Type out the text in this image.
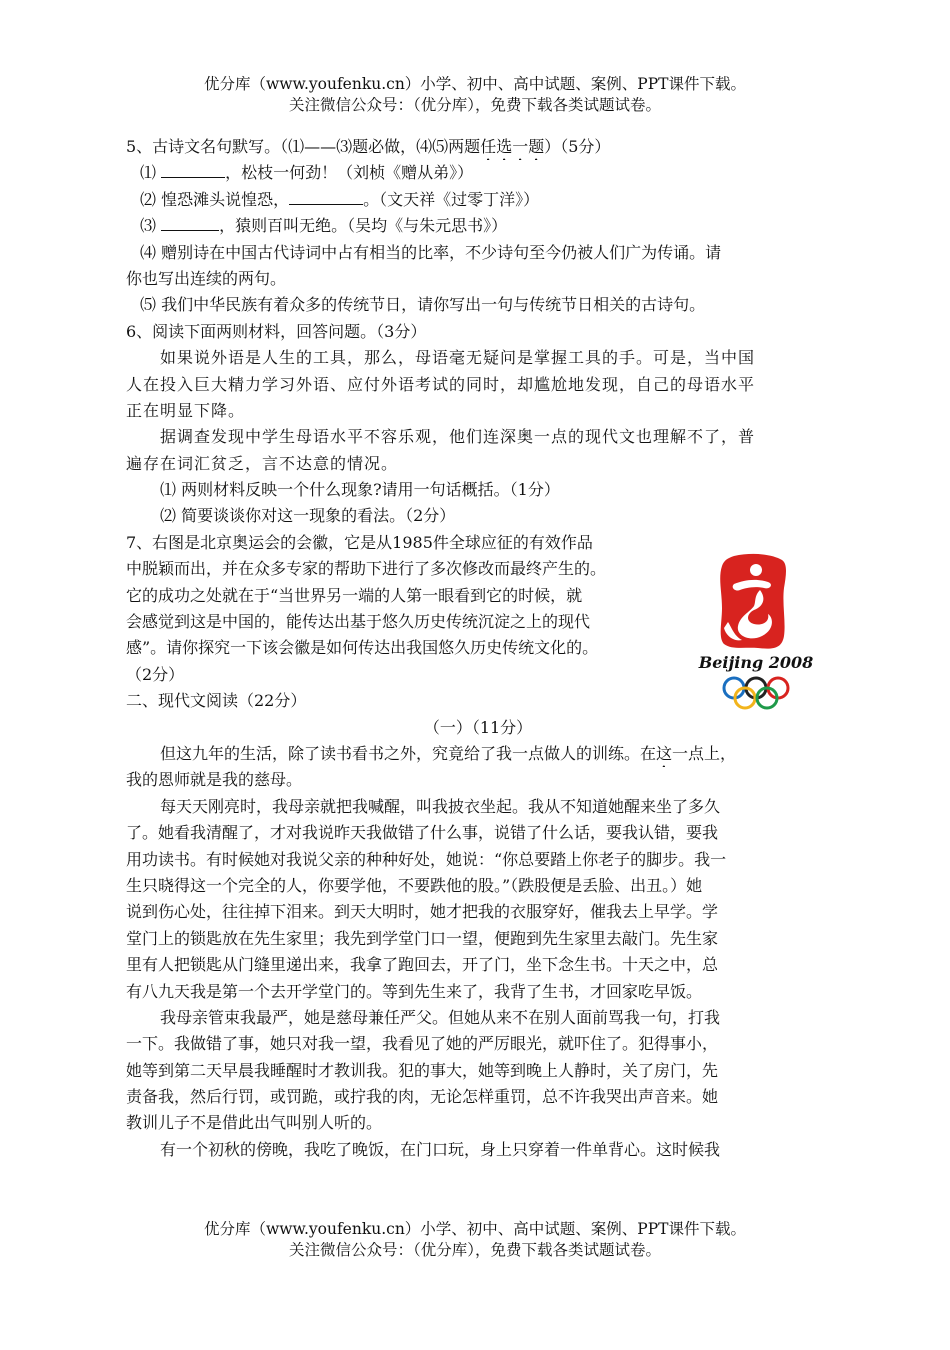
优分库（www.youfenku.cn）小学、初中、高中试题、案例、PPT课件下载。
关注微信公众号：（优分库），免费下载各类试题试卷。
5、古诗文名句默写。（⑴——⑶题必做，⑷⑸两题任选一题）（5分）
⑴	，松枝一何劲！（刘桢《赠从弟》）
⑵ 惶恐滩头说惶恐，	。（文天祥《过零丁洋》）
⑶	，猿则百叫无绝。（吴均《与朱元思书》）
⑷ 赠别诗在中国古代诗词中占有相当的比率，不少诗句至今仍被人们广为传诵。请
你也写出连续的两句。
⑸ 我们中华民族有着众多的传统节日，请你写出一句与传统节日相关的古诗句。
6、阅读下面两则材料，回答问题。（3分）
如果说外语是人生的工具，那么，母语毫无疑问是掌握工具的手。可是，当中国
人在投入巨大精力学习外语、应付外语考试的同时，却尴尬地发现，自己的母语水平
正在明显下降。
据调查发现中学生母语水平不容乐观，他们连深奥一点的现代文也理解不了，普
遍存在词汇贫乏，言不达意的情况。
⑴ 两则材料反映一个什么现象?请用一句话概括。（1分）
⑵ 简要谈谈你对这一现象的看法。（2分）
7、右图是北京奥运会的会徽，它是从1985件全球应征的有效作品
中脱颖而出，并在众多专家的帮助下进行了多次修改而最终产生的。
它的成功之处就在于“当世界另一端的人第一眼看到它的时候，就
会感觉到这是中国的，能传达出基于悠久历史传统沉淀之上的现代
感”。请你探究一下该会徽是如何传达出我国悠久历史传统文化的。
（2分）
二、现代文阅读（22分）
（一）（11分）
但这九年的生活，除了读书看书之外，究竟给了我一点做人的训练。在这一点上，
我的恩师就是我的慈母。
每天天刚亮时，我母亲就把我喊醒，叫我披衣坐起。我从不知道她醒来坐了多久
了。她看我清醒了，才对我说昨天我做错了什么事，说错了什么话，要我认错，要我
用功读书。有时候她对我说父亲的种种好处，她说：“你总要踏上你老子的脚步。我一
生只晓得这一个完全的人，你要学他，不要跌他的股。”（跌股便是丢脸、出丑。）她
说到伤心处，往往掉下泪来。到天大明时，她才把我的衣服穿好，催我去上早学。学
堂门上的锁匙放在先生家里；我先到学堂门口一望，便跑到先生家里去敲门。先生家
里有人把锁匙从门缝里递出来，我拿了跑回去，开了门，坐下念生书。十天之中，总
有八九天我是第一个去开学堂门的。等到先生来了，我背了生书，才回家吃早饭。
我母亲管束我最严，她是慈母兼任严父。但她从来不在别人面前骂我一句，打我
一下。我做错了事，她只对我一望，我看见了她的严厉眼光，就吓住了。犯得事小，
她等到第二天早晨我睡醒时才教训我。犯的事大，她等到晚上人静时，关了房门，先
责备我，然后行罚，或罚跪，或拧我的肉，无论怎样重罚，总不许我哭出声音来。她
教训儿子不是借此出气叫别人听的。
有一个初秋的傍晚，我吃了晚饭，在门口玩，身上只穿着一件单背心。这时候我
Beijing 2008
优分库（www.youfenku.cn）小学、初中、高中试题、案例、PPT课件下载。
关注微信公众号：（优分库），免费下载各类试题试卷。
